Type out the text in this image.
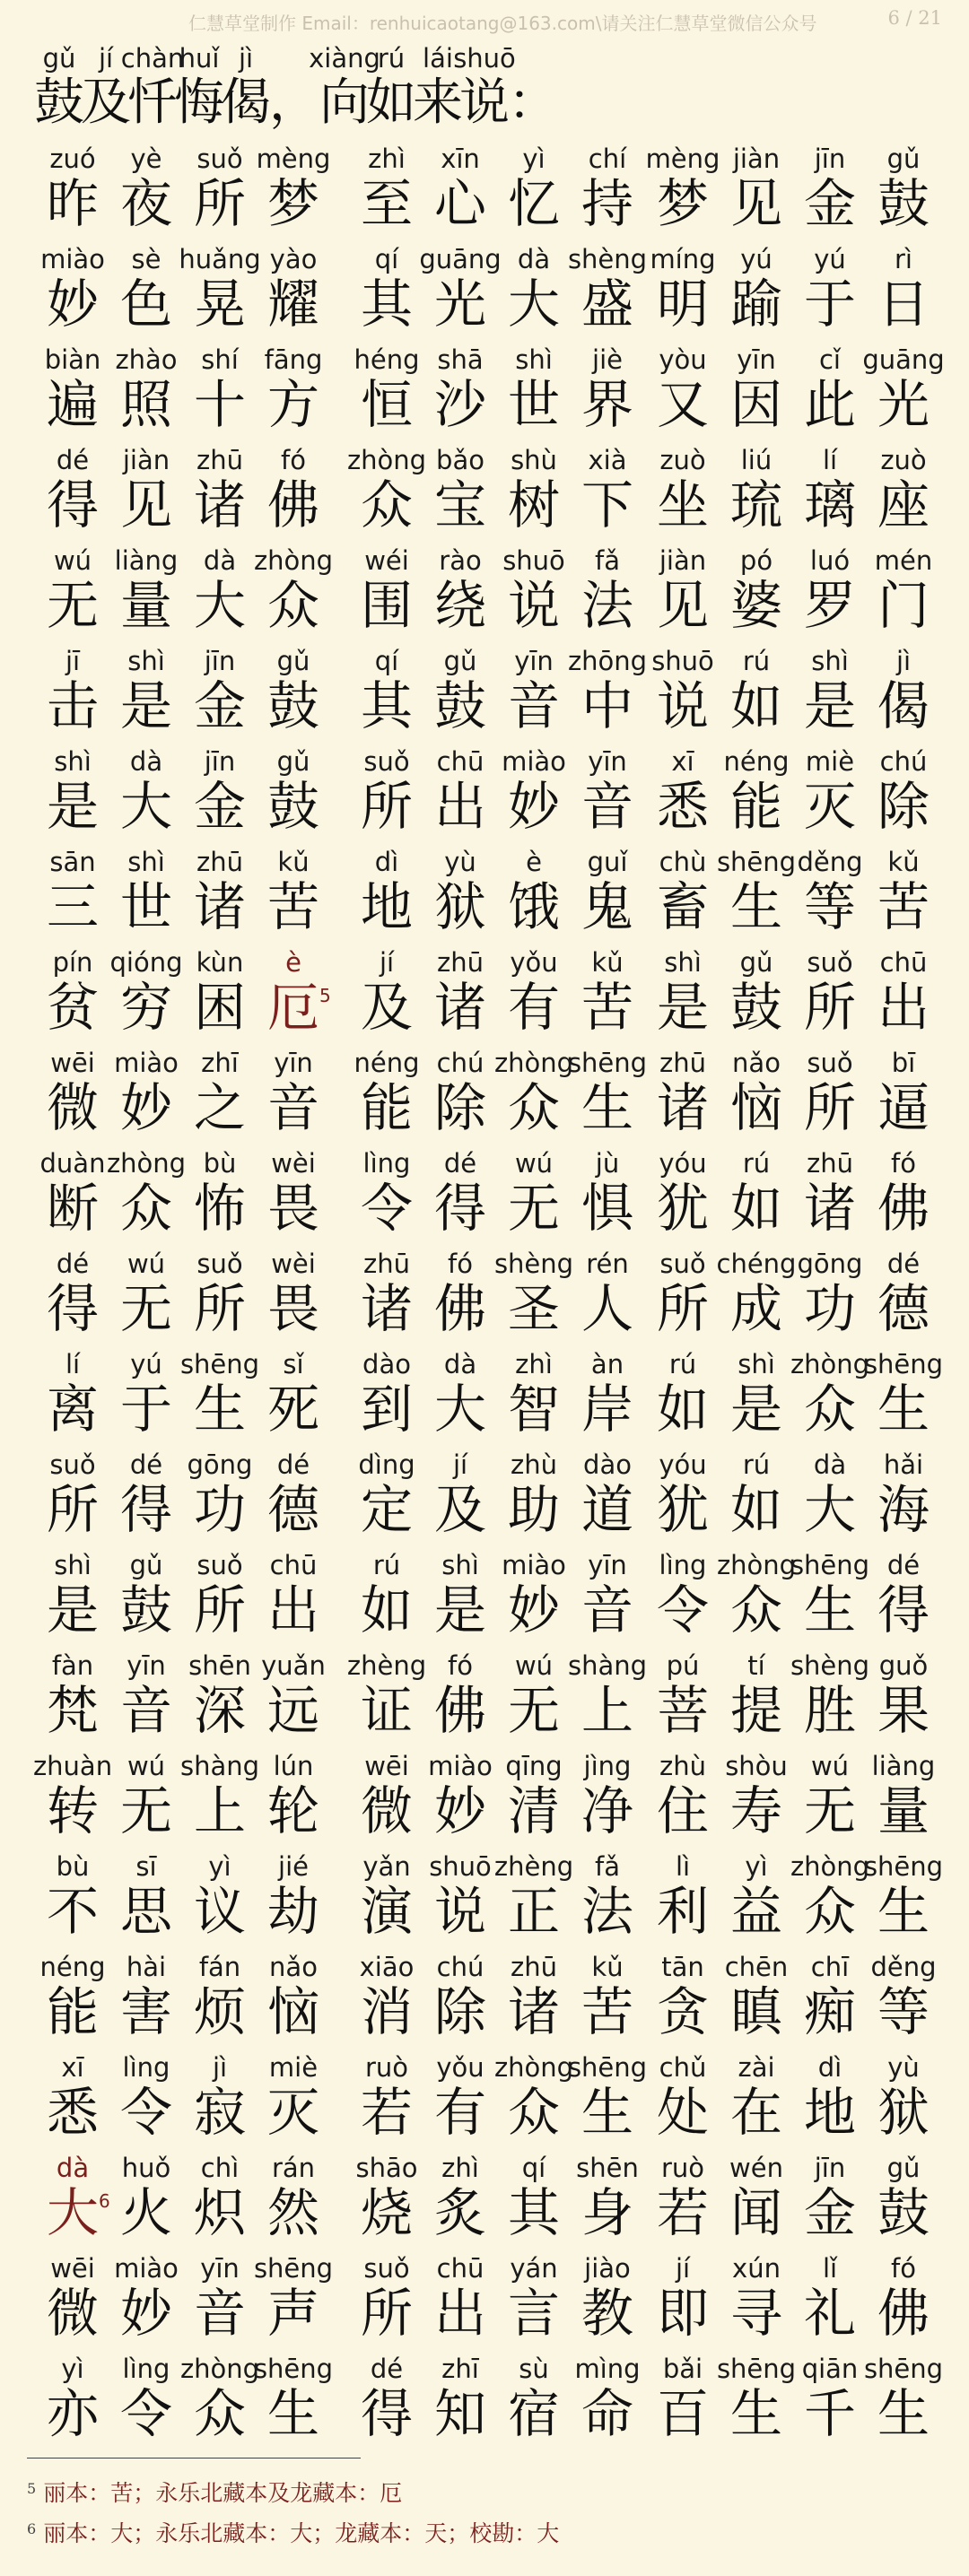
仁慧草堂制作 Email：renhuicaotang@163.com\请关注仁慧草堂微信公众号	6 / 21
gǔ
鼓
jí
及
chàn
忏
huǐ
悔
jì
偈
，
xiàng
向
rú
如
lái
来
shuō
说
：
zuó
昨
yè
夜
suǒ
所
mèng
梦
zhì
至
xīn
心
yì
忆
chí
持
mèng
梦
jiàn
见
jīn
金
gǔ
鼓
miào
妙
sè
色
huǎng
晃
yào
耀
qí
其
guāng
光
dà
大
shèng
盛
míng
明
yú
踰
yú
于
rì
日
biàn
遍
zhào
照
shí
十
fāng
方
héng
恒
shā
沙
shì
世
jiè
界
yòu
又
yīn
因
cǐ
此
guāng
光
dé
得
jiàn
见
zhū
诸
fó
佛
zhòng
众
bǎo
宝
shù
树
xià
下
zuò
坐
liú
琉
lí
璃
zuò
座
wú
无
liàng
量
dà
大
zhòng
众
wéi
围
rào
绕
shuō
说
fǎ
法
jiàn
见
pó
婆
luó
罗
mén
门
jī
击
shì
是
jīn
金
gǔ
鼓
qí
其
gǔ
鼓
yīn
音
zhōng
中
shuō
说
rú
如
shì
是
jì
偈
shì
是
dà
大
jīn
金
gǔ
鼓
suǒ
所
chū
出
miào
妙
yīn
音
xī
悉
néng
能
miè
灭
chú
除
sān
三
shì
世
zhū
诸
kǔ
苦
dì
地
yù
狱
è
饿
guǐ
鬼
chù
畜
shēng
生
děng
等
kǔ
苦
pín
贫
qióng
穷
kùn
困
è
厄 5
jí
及
zhū
诸
yǒu
有
kǔ
苦
shì
是
gǔ
鼓
suǒ
所
chū
出
wēi
微
miào
妙
zhī
之
yīn
音
néng
能
chú
除
zhòng
众
shēng
生
zhū
诸
nǎo
恼
suǒ
所
bī
逼
duàn
断
zhòng
众
bù
怖
wèi
畏
lìng
令
dé
得
wú
无
jù
惧
yóu
犹
rú
如
zhū
诸
fó
佛
dé
得
wú
无
suǒ
所
wèi
畏
zhū
诸
fó
佛
shèng
圣
rén
人
suǒ
所
chéng
成
gōng
功
dé
德
lí
离
yú
于
shēng
生
sǐ
死
dào
到
dà
大
zhì
智
àn
岸
rú
如
shì
是
zhòng
众
shēng
生
suǒ
所
dé
得
gōng
功
dé
德
dìng
定
jí
及
zhù
助
dào
道
yóu
犹
rú
如
dà
大
hǎi
海
shì
是
gǔ
鼓
suǒ
所
chū
出
rú
如
shì
是
miào
妙
yīn
音
lìng
令
zhòng
众
shēng
生
dé
得
fàn
梵
yīn
音
shēn
深
yuǎn
远
zhèng
证
fó
佛
wú
无
shàng
上
pú
菩
tí
提
shèng
胜
guǒ
果
zhuàn
转
wú
无
shàng
上
lún
轮
wēi
微
miào
妙
qīng
清
jìng
净
zhù
住
shòu
寿
wú
无
liàng
量
bù
不
sī
思
yì
议
jié
劫
yǎn
演
shuō
说
zhèng
正
fǎ
法
lì
利
yì
益
zhòng
众
shēng
生
néng
能
hài
害
fán
烦
nǎo
恼
xiāo
消
chú
除
zhū
诸
kǔ
苦
tān
贪
chēn
瞋
chī
痴
děng
等
xī
悉
lìng
令
jì
寂
miè
灭
ruò
若
yǒu
有
zhòng
众
shēng
生
chǔ
处
zài
在
dì
地
yù
狱
dà
大 6
huǒ
火
chì
炽
rán
然
shāo
烧
zhì
炙
qí
其
shēn
身
ruò
若
wén
闻
jīn
金
gǔ
鼓
wēi
微
miào
妙
yīn
音
shēng
声
suǒ
所
chū
出
yán
言
jiào
教
jí
即
xún
寻
lǐ
礼
fó
佛
yì
亦
lìng
令
zhòng
众
shēng
生
dé
得
zhī
知
sù
宿
mìng
命
bǎi
百
shēng
生
qiān
千
shēng
生
$^5$ 丽本：苦；永乐北藏本及龙藏本：厄
$^6$ 丽本：大；永乐北藏本：大；龙藏本：天；校勘：大
